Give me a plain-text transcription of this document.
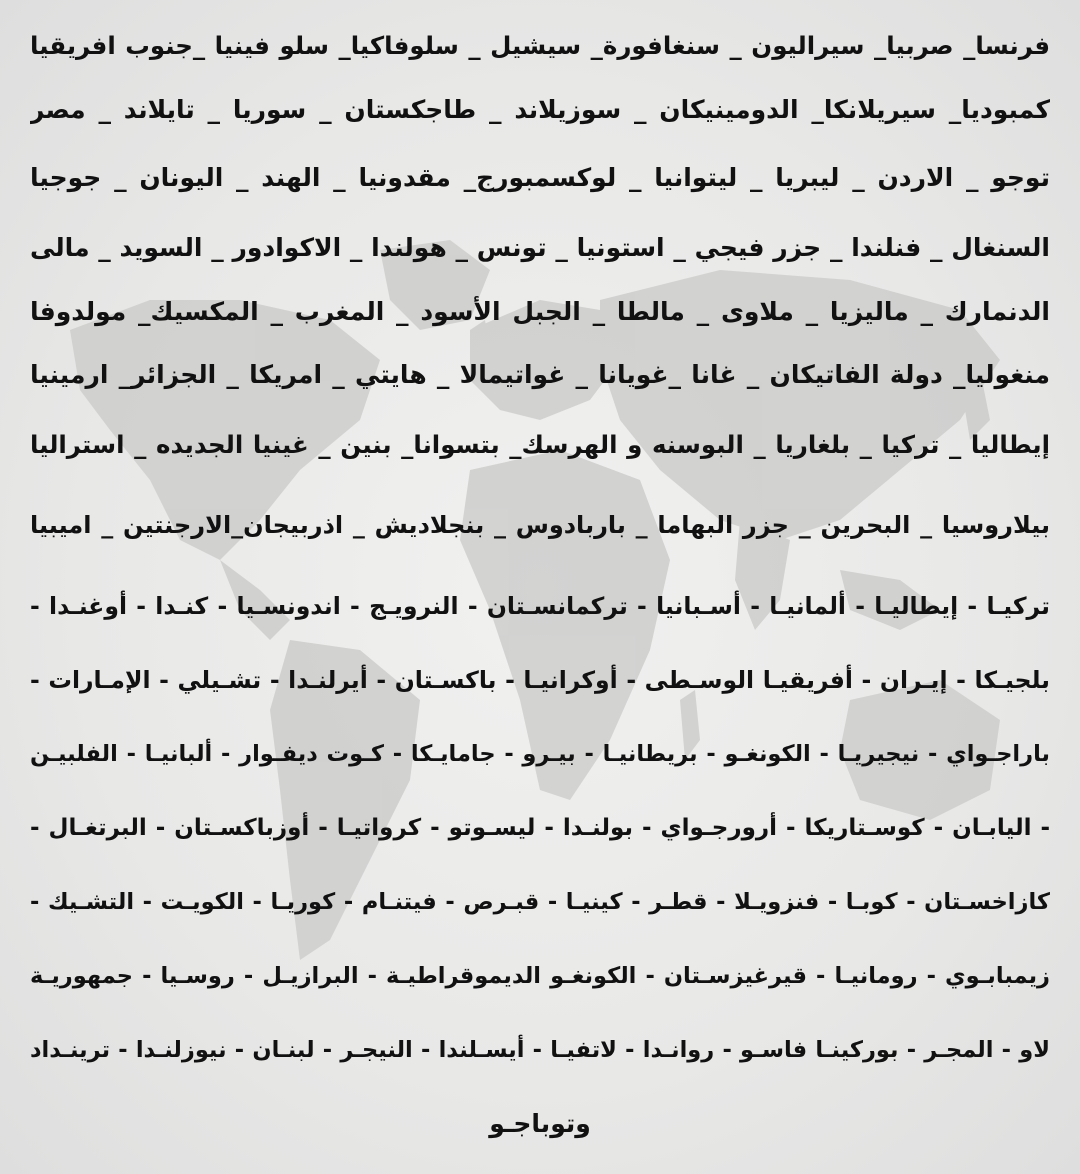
فرنسا_ صربيا_ سيراليون _ سنغافورة_ سيشيل _ سلوفاكيا_ سلو فينيا _جنوب افريقيا
كمبوديا_ سيريلانكا_ الدومينيكان _ سوزيلاند _ طاجكستان _ سوريا _ تايلاند _ مصر
توجو _ الاردن _ ليبريا _ ليتوانيا _ لوكسمبورج_ مقدونيا _ الهند _ اليونان _ جوجيا
السنغال _ فنلندا _ جزر فيجي _ استونيا _ تونس _ هولندا _ الاكوادور _ السويد _ مالى
الدنمارك _ ماليزيا _ ملاوى _ مالطا _ الجبل الأسود _ المغرب _ المكسيك_ مولدوفا
منغوليا_ دولة الفاتيكان _ غانا _غويانا _ غواتيمالا _ هايتي _ امريكا _ الجزائر_ ارمينيا
إيطاليا _ تركيا _ بلغاريا _ البوسنه و الهرسك_ بتسوانا_ بنين _ غينيا الجديده _ استراليا
بيلاروسيا _ البحرين _ جزر البهاما _ باربادوس _ بنجلاديش _ اذربيجان_الارجنتين _ اميبيا
تركيـا - إيطاليـا - ألمانيـا - أسـبانيا - تركمانسـتان - النرويـج - اندونسـيا - كنـدا - أوغنـدا -
بلجيـكا - إيـران - أفريقيـا الوسـطى - أوكرانيـا - باكسـتان - أيرلنـدا - تشـيلي - الإمـارات -
باراجـواي - نيجيريـا - الكونغـو - بريطانيـا - بيـرو - جامايـكا - كـوت ديفـوار - ألبانيـا - الفلبيـن
- اليابـان - كوسـتاريكا - أرورجـواي - بولنـدا - ليسـوتو - كرواتيـا - أوزباكسـتان - البرتغـال -
كازاخسـتان - كوبـا - فنزويـلا - قطـر - كينيـا - قبـرص - فيتنـام - كوريـا - الكويـت - التشـيك -
زيمبابـوي - رومانيـا - قيرغيزسـتان - الكونغـو الديموقراطيـة - البرازيـل - روسـيا - جمهوريـة
لاو - المجـر - بوركينـا فاسـو - روانـدا - لاتفيـا - أيسـلندا - النيجـر - لبنـان - نيوزلنـدا - ترينـداد
وتوباجـو
